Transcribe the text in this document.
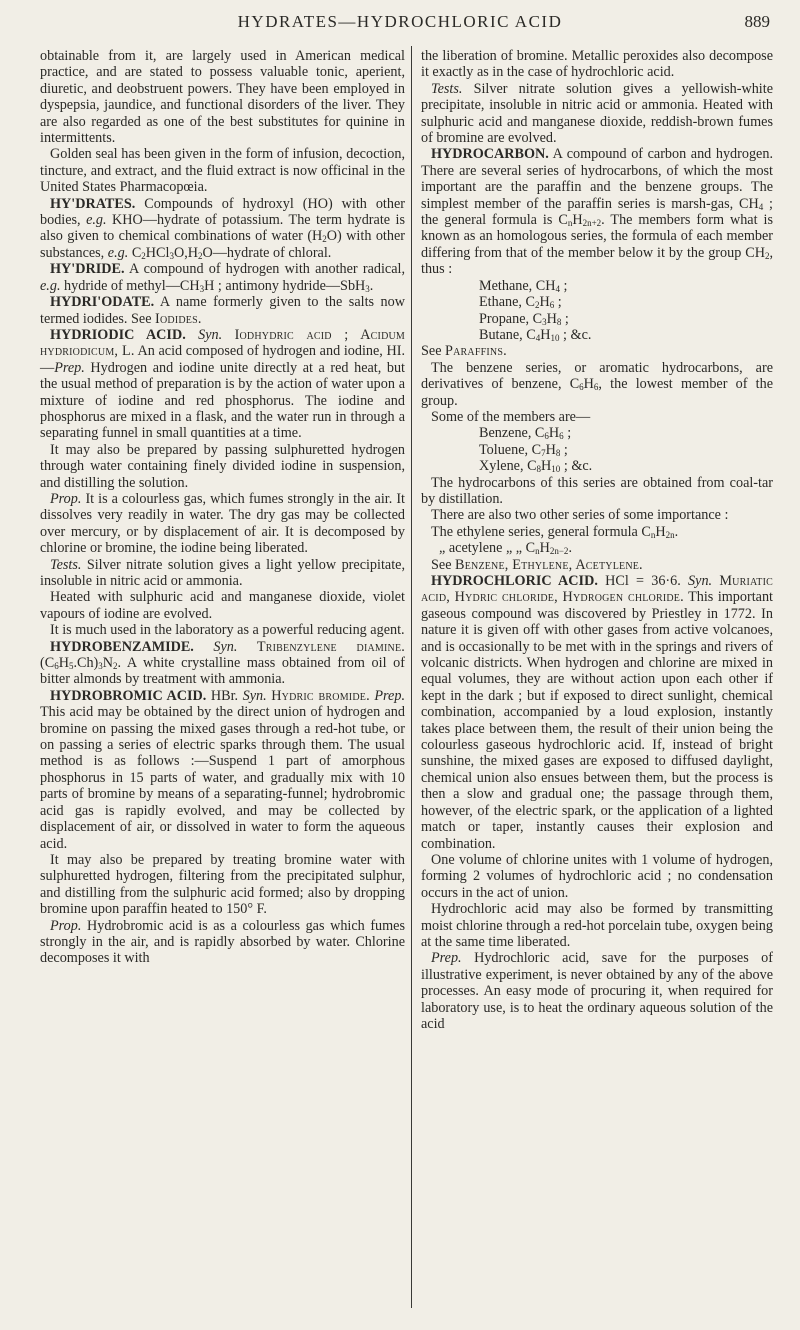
HYDRATES—HYDROCHLORIC ACID	889

obtainable from it, are largely used in American medical practice, and are stated to possess valuable tonic, aperient, diuretic, and deobstruent powers. They have been employed in dyspepsia, jaundice, and functional disorders of the liver. They are also regarded as one of the best substitutes for quinine in intermittents.

Golden seal has been given in the form of infusion, decoction, tincture, and extract, and the fluid extract is now officinal in the United States Pharmacopœia.

HY'DRATES. Compounds of hydroxyl (HO) with other bodies, e.g. KHO—hydrate of potassium. The term hydrate is also given to chemical combinations of water $(H_2O)$ with other substances, e.g. $C_2HCl_3O,H_2O—hydrate$ of chloral.

HY'DRIDE. A compound of hydrogen with another radical, e.g. hydride of $methyl—CH_3H$ ; antimony hydride—SbH$_3$.

HYDRI'ODATE. A name formerly given to the salts now termed iodides. See Iodides.

HYDRIODIC ACID. Syn. Iodhydric acid ; Acidum hydriodicum, L. An acid composed of hydrogen and iodine, HI.—Prep. Hydrogen and iodine unite directly at a red heat, but the usual method of preparation is by the action of water upon a mixture of iodine and red phosphorus. The iodine and phosphorus are mixed in a flask, and the water run in through a separating funnel in small quantities at a time.

It may also be prepared by passing sulphuretted hydrogen through water containing finely divided iodine in suspension, and distilling the solution.

Prop. It is a colourless gas, which fumes strongly in the air. It dissolves very readily in water. The dry gas may be collected over mercury, or by displacement of air. It is decomposed by chlorine or bromine, the iodine being liberated.

Tests. Silver nitrate solution gives a light yellow precipitate, insoluble in nitric acid or ammonia.

Heated with sulphuric acid and manganese dioxide, violet vapours of iodine are evolved.

It is much used in the laboratory as a powerful reducing agent.

HYDROBENZAMIDE. Syn. Tribenzylene diamine. $(C_6H_5.Ch)_3N_2$. A white crystalline mass obtained from oil of bitter almonds by treatment with ammonia.

HYDROBROMIC ACID. HBr. Syn. Hydric bromide. Prep. This acid may be obtained by the direct union of hydrogen and bromine on passing the mixed gases through a red-hot tube, or on passing a series of electric sparks through them. The usual method is as follows :—Suspend 1 part of amorphous phosphorus in 15 parts of water, and gradually mix with 10 parts of bromine by means of a separating-funnel; hydrobromic acid gas is rapidly evolved, and may be collected by displacement of air, or dissolved in water to form the aqueous acid.

It may also be prepared by treating bromine water with sulphuretted hydrogen, filtering from the precipitated sulphur, and distilling from the sulphuric acid formed; also by dropping bromine upon paraffin heated to 150° F.

Prop. Hydrobromic acid is as a colourless gas which fumes strongly in the air, and is rapidly absorbed by water. Chlorine decomposes it with

the liberation of bromine. Metallic peroxides also decompose it exactly as in the case of hydrochloric acid.

Tests. Silver nitrate solution gives a yellowish-white precipitate, insoluble in nitric acid or ammonia. Heated with sulphuric acid and manganese dioxide, reddish-brown fumes of bromine are evolved.

HYDROCARBON. A compound of carbon and hydrogen. There are several series of hydrocarbons, of which the most important are the paraffin and the benzene groups. The simplest member of the paraffin series is marsh-gas, $CH_4$ ; the general formula is $C_nH_{2n+2}$. The members form what is known as an homologous series, the formula of each member differing from that of the member below it by the group $CH_2$, thus :

Methane, $CH_4$ ;

Ethane, $C_2H_6$ ;

Propane, $C_3H_8$ ;

Butane, $C_4H_{10}$ ; &c.

See Paraffins.

The benzene series, or aromatic hydrocarbons, are derivatives of benzene, $C_6H_6$, the lowest member of the group.

Some of the members are—

Benzene, $C_6H_6$ ;

Toluene, $C_7H_8$ ;

Xylene, $C_8H_{10}$ ; &c.

The hydrocarbons of this series are obtained from coal-tar by distillation.

There are also two other series of some importance :

The ethylene series, general formula $C_nH_{2n}$.

„ acetylene „ „ $C_nH_{2n-2}$.

See Benzene, Ethylene, Acetylene.

HYDROCHLORIC ACID. HCl = 36·6. Syn. Muriatic acid, Hydric chloride, Hydrogen chloride. This important gaseous compound was discovered by Priestley in 1772. In nature it is given off with other gases from active volcanoes, and is occasionally to be met with in the springs and rivers of volcanic districts. When hydrogen and chlorine are mixed in equal volumes, they are without action upon each other if kept in the dark ; but if exposed to direct sunlight, chemical combination, accompanied by a loud explosion, instantly takes place between them, the result of their union being the colourless gaseous hydrochloric acid. If, instead of bright sunshine, the mixed gases are exposed to diffused daylight, chemical union also ensues between them, but the process is then a slow and gradual one; the passage through them, however, of the electric spark, or the application of a lighted match or taper, instantly causes their explosion and combination.

One volume of chlorine unites with 1 volume of hydrogen, forming 2 volumes of hydrochloric acid ; no condensation occurs in the act of union.

Hydrochloric acid may also be formed by transmitting moist chlorine through a red-hot porcelain tube, oxygen being at the same time liberated.

Prep. Hydrochloric acid, save for the purposes of illustrative experiment, is never obtained by any of the above processes. An easy mode of procuring it, when required for laboratory use, is to heat the ordinary aqueous solution of the acid
